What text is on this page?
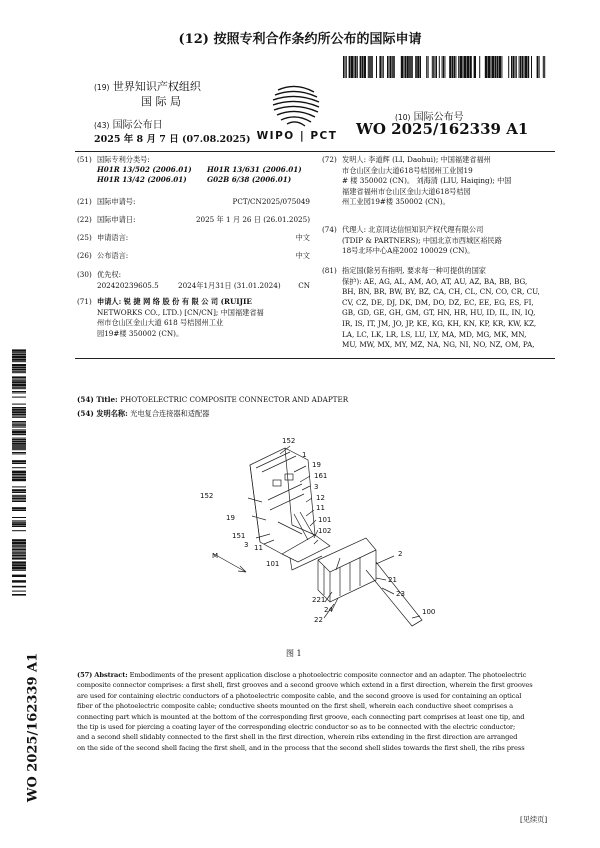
(12) 按照专利合作条约所公布的国际申请
(19) 世界知识产权组织
国 际 局
(43) 国际公布日
2025 年 8 月 7 日 (07.08.2025) WIPO | PCT
(10) 国际公布号
WO 2025/162339 A1
(51) 国际专利分类号:
H01R 13/502 (2006.01) H01R 13/631 (2006.01)
H01R 13/42 (2006.01)	G02B 6/38 (2006.01)
(21) 国际申请号:	PCT/CN2025/075049
(22) 国际申请日:	2025 年 1 月 26 日 (26.01.2025)
(25) 申请语言:	中文
(26) 公布语言:	中文
(30) 优先权:
202420239605.5	2024年1月31日 (31.01.2024)	CN
(71) 申请人: 锐 捷 网 络 股 份 有 限 公 司 (RUIJIE
NETWORKS CO., LTD.) [CN/CN]; 中国福建省福
州市仓山区金山大道 618 号桔园州工业
园19#楼 350002 (CN)。
(72) 发明人: 李道辉 (LI, Daohui); 中国福建省福州
市仓山区金山大道618号桔园州工业园19
# 楼 350002 (CN)。 刘海清 (LIU, Haiqing); 中国
福建省福州市仓山区金山大道618号桔园
州工业园19#楼 350002 (CN)。
(74) 代理人: 北京同达信恒知识产权代理有限公司
(TDIP & PARTNERS); 中国北京市西城区裕民路
18号北环中心A座2002 100029 (CN)。
(81) 指定国(除另有指明, 要求每一种可提供的国家
保护): AE, AG, AL, AM, AO, AT, AU, AZ, BA, BB, BG,
BH, BN, BR, BW, BY, BZ, CA, CH, CL, CN, CO, CR, CU,
CV, CZ, DE, DJ, DK, DM, DO, DZ, EC, EE, EG, ES, FI,
GB, GD, GE, GH, GM, GT, HN, HR, HU, ID, IL, IN, IQ,
IR, IS, IT, JM, JO, JP, KE, KG, KH, KN, KP, KR, KW, KZ,
LA, LC, LK, LR, LS, LU, LY, MA, MD, MG, MK, MN,
MU, MW, MX, MY, MZ, NA, NG, NI, NO, NZ, OM, PA,
WO 2025/162339 A1
(54) Title: PHOTOELECTRIC COMPOSITE CONNECTOR AND ADAPTER
(54) 发明名称: 光电复合连接器和适配器
152
1
19
161
3
12
11
101
102
152
19
151
3 11
M	2
101
21
23
221
24
22
100
图 1
(57) Abstract: Embodiments of the present application disclose a photoelectric composite connector and an adapter. The photoelectric
composite connector comprises: a first shell, first grooves and a second groove which extend in a first direction, wherein the first grooves
are used for containing electric conductors of a photoelectric composite cable, and the second groove is used for containing an optical
fiber of the photoelectric composite cable; conductive sheets mounted on the first shell, wherein each conductive sheet comprises a
connecting part which is mounted at the bottom of the corresponding first groove, each connecting part comprises at least one tip, and
the tip is used for piercing a coating layer of the corresponding electric conductor so as to be connected with the electric conductor;
and a second shell slidably connected to the first shell in the first direction, wherein ribs extending in the first direction are arranged
on the side of the second shell facing the first shell, and in the process that the second shell slides towards the first shell, the ribs press
[见续页]
